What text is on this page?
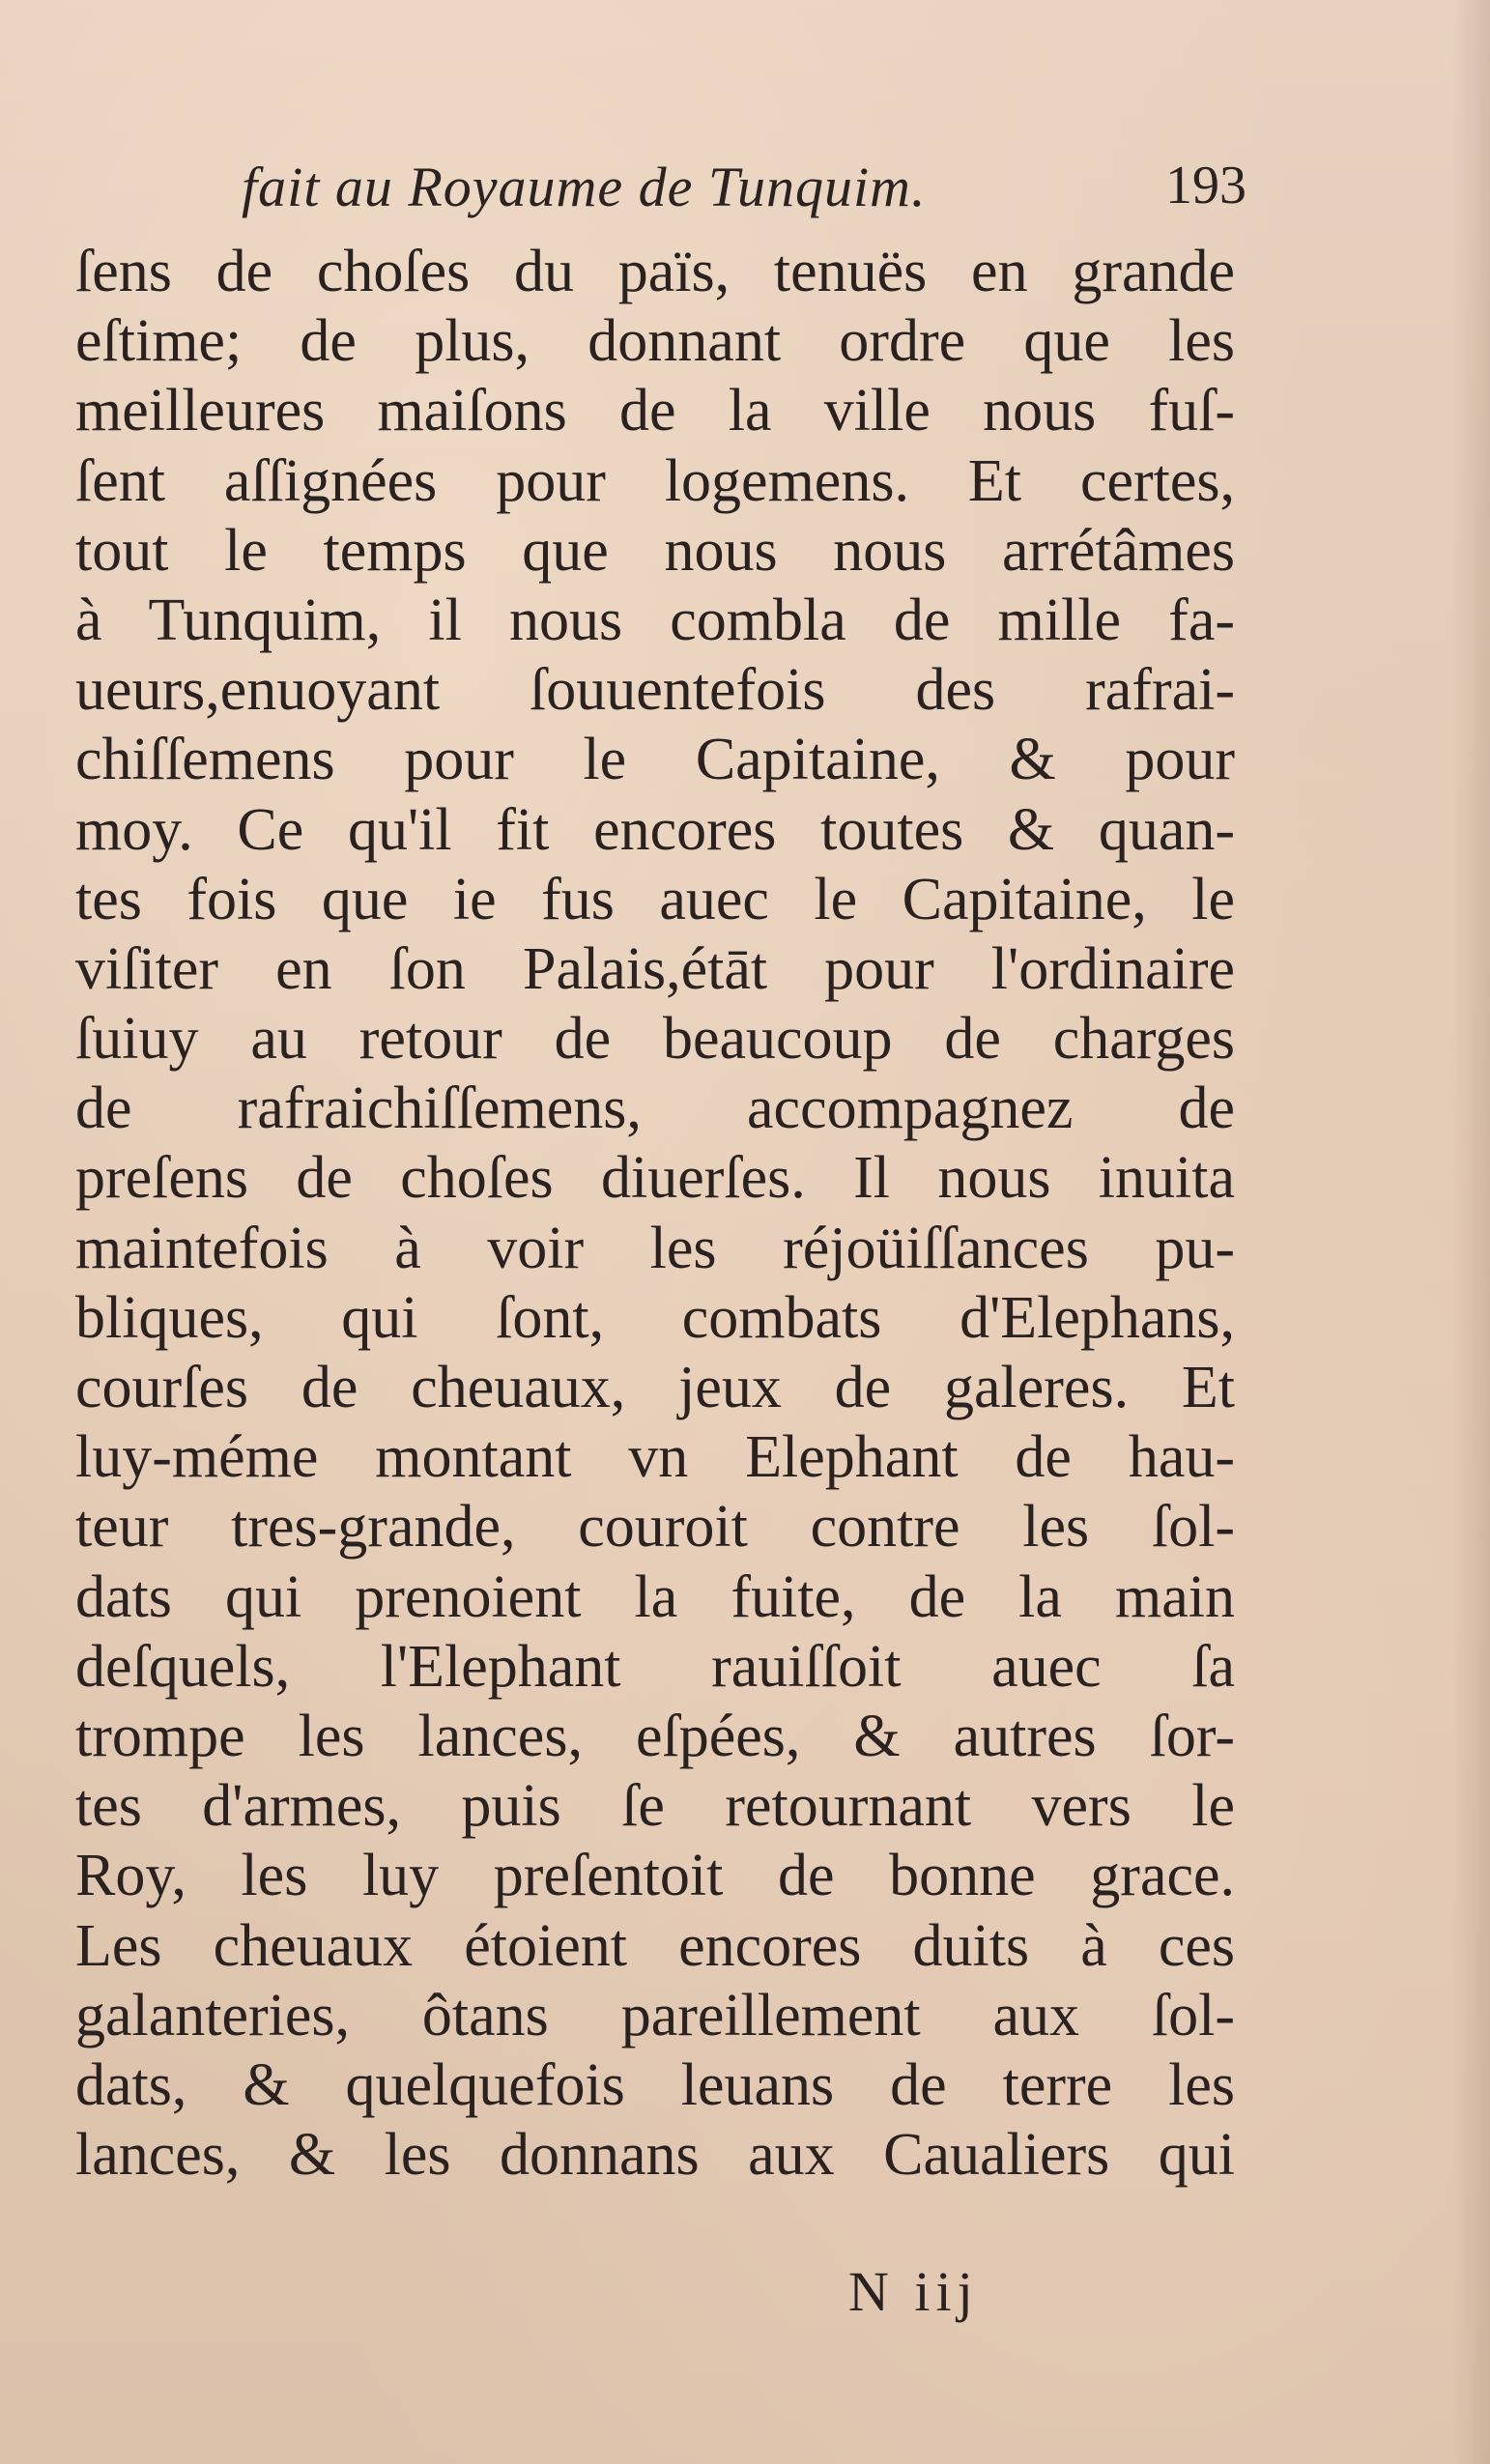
fait au Royaume de Tunquim.	193
ſens de choſes du païs, tenuës en grande
eſtime; de plus, donnant ordre que les
meilleures maiſons de la ville nous fuſ-
ſent aſſignées pour logemens. Et certes,
tout le temps que nous nous arrétâmes
à Tunquim, il nous combla de mille fa-
ueurs,enuoyant ſouuentefois des rafrai-
chiſſemens pour le Capitaine, & pour
moy. Ce qu'il fit encores toutes & quan-
tes fois que ie fus auec le Capitaine, le
viſiter en ſon Palais,étāt pour l'ordinaire
ſuiuy au retour de beaucoup de charges
de rafraichiſſemens, accompagnez de
preſens de choſes diuerſes. Il nous inuita
maintefois à voir les réjoüiſſances pu-
bliques, qui ſont, combats d'Elephans,
courſes de cheuaux, jeux de galeres. Et
luy-méme montant vn Elephant de hau-
teur tres-grande, couroit contre les ſol-
dats qui prenoient la fuite, de la main
deſquels, l'Elephant rauiſſoit auec ſa
trompe les lances, eſpées, & autres ſor-
tes d'armes, puis ſe retournant vers le
Roy, les luy preſentoit de bonne grace.
Les cheuaux étoient encores duits à ces
galanteries, ôtans pareillement aux ſol-
dats, & quelquefois leuans de terre les
lances, & les donnans aux Caualiers qui
N iij
